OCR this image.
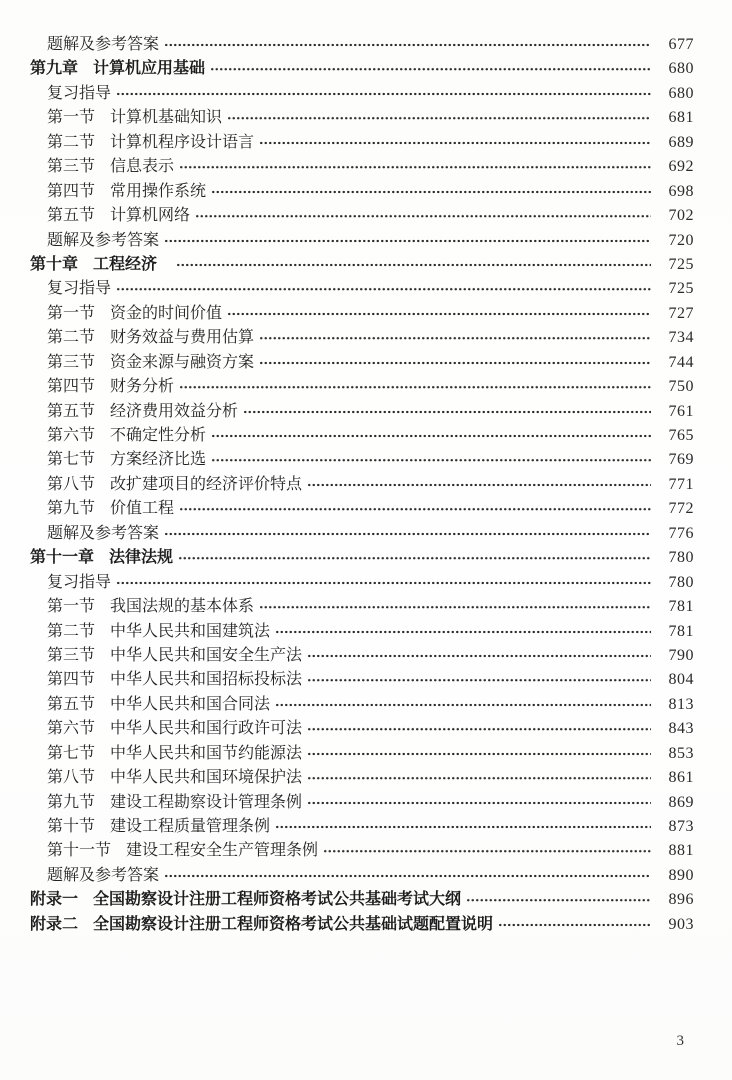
题解及参考答案	677
第九章 计算机应用基础	680
复习指导	680
第一节 计算机基础知识	681
第二节 计算机程序设计语言	689
第三节 信息表示	692
第四节 常用操作系统	698
第五节 计算机网络	702
题解及参考答案	720
第十章 工程经济	725
复习指导	725
第一节 资金的时间价值	727
第二节 财务效益与费用估算	734
第三节 资金来源与融资方案	744
第四节 财务分析	750
第五节 经济费用效益分析	761
第六节 不确定性分析	765
第七节 方案经济比选	769
第八节 改扩建项目的经济评价特点	771
第九节 价值工程	772
题解及参考答案	776
第十一章 法律法规	780
复习指导	780
第一节 我国法规的基本体系	781
第二节 中华人民共和国建筑法	781
第三节 中华人民共和国安全生产法	790
第四节 中华人民共和国招标投标法	804
第五节 中华人民共和国合同法	813
第六节 中华人民共和国行政许可法	843
第七节 中华人民共和国节约能源法	853
第八节 中华人民共和国环境保护法	861
第九节 建设工程勘察设计管理条例	869
第十节 建设工程质量管理条例	873
第十一节 建设工程安全生产管理条例	881
题解及参考答案	890
附录一 全国勘察设计注册工程师资格考试公共基础考试大纲	896
附录二 全国勘察设计注册工程师资格考试公共基础试题配置说明	903
3
